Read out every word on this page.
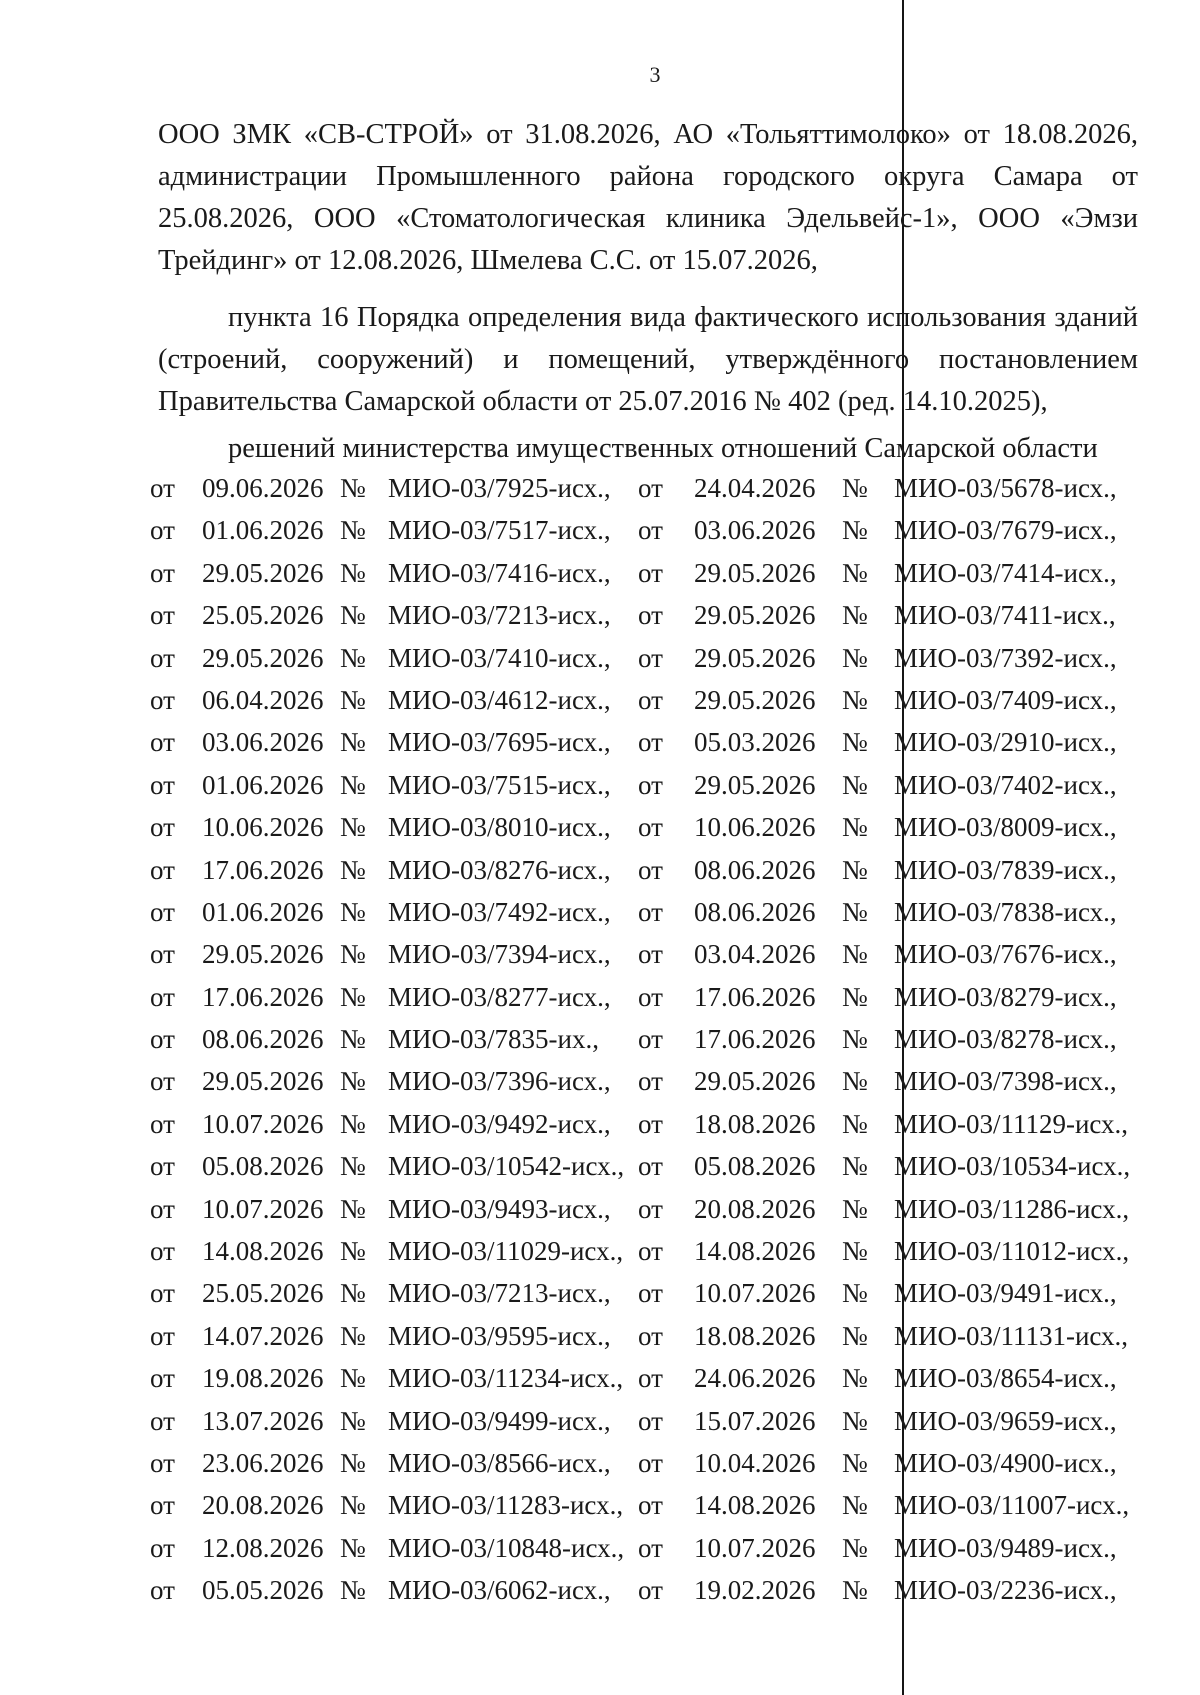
3

ООО ЗМК «СВ-СТРОЙ» от 31.08.2026, АО «Тольяттимолоко» от 18.08.2026, администрации Промышленного района городского округа Самара от 25.08.2026, ООО «Стоматологическая клиника Эдельвейс-1», ООО «Эмзи Трейдинг» от 12.08.2026, Шмелева С.С. от 15.07.2026,

пункта 16 Порядка определения вида фактического использования зданий (строений, сооружений) и помещений, утверждённого постановлением Правительства Самарской области от 25.07.2016 № 402 (ред. 14.10.2025),

решений министерства имущественных отношений Самарской области

от	09.06.2026 № МИО-03/7925-исх.,	от	24.04.2026 № МИО-03/5678-исх.,
от	01.06.2026 № МИО-03/7517-исх.,	от	03.06.2026 № МИО-03/7679-исх.,
от	29.05.2026 № МИО-03/7416-исх.,	от	29.05.2026 № МИО-03/7414-исх.,
от	25.05.2026 № МИО-03/7213-исх.,	от	29.05.2026 № МИО-03/7411-исх.,
от	29.05.2026 № МИО-03/7410-исх.,	от	29.05.2026 № МИО-03/7392-исх.,
от	06.04.2026 № МИО-03/4612-исх.,	от	29.05.2026 № МИО-03/7409-исх.,
от	03.06.2026 № МИО-03/7695-исх.,	от	05.03.2026 № МИО-03/2910-исх.,
от	01.06.2026 № МИО-03/7515-исх.,	от	29.05.2026 № МИО-03/7402-исх.,
от	10.06.2026 № МИО-03/8010-исх.,	от	10.06.2026 № МИО-03/8009-исх.,
от	17.06.2026 № МИО-03/8276-исх.,	от	08.06.2026 № МИО-03/7839-исх.,
от	01.06.2026 № МИО-03/7492-исх.,	от	08.06.2026 № МИО-03/7838-исх.,
от	29.05.2026 № МИО-03/7394-исх.,	от	03.04.2026 № МИО-03/7676-исх.,
от	17.06.2026 № МИО-03/8277-исх.,	от	17.06.2026 № МИО-03/8279-исх.,
от	08.06.2026 № МИО-03/7835-их.,	от	17.06.2026 № МИО-03/8278-исх.,
от	29.05.2026 № МИО-03/7396-исх.,	от	29.05.2026 № МИО-03/7398-исх.,
от	10.07.2026 № МИО-03/9492-исх.,	от	18.08.2026 № МИО-03/11129-исх.,
от	05.08.2026 № МИО-03/10542-исх., от	05.08.2026 № МИО-03/10534-исх.,
от	10.07.2026 № МИО-03/9493-исх.,	от	20.08.2026 № МИО-03/11286-исх.,
от	14.08.2026 № МИО-03/11029-исх., от	14.08.2026 № МИО-03/11012-исх.,
от	25.05.2026 № МИО-03/7213-исх.,	от	10.07.2026 № МИО-03/9491-исх.,
от	14.07.2026 № МИО-03/9595-исх.,	от	18.08.2026 № МИО-03/11131-исх.,
от	19.08.2026 № МИО-03/11234-исх., от	24.06.2026 № МИО-03/8654-исх.,
от	13.07.2026 № МИО-03/9499-исх.,	от	15.07.2026 № МИО-03/9659-исх.,
от	23.06.2026 № МИО-03/8566-исх.,	от	10.04.2026 № МИО-03/4900-исх.,
от	20.08.2026 № МИО-03/11283-исх., от	14.08.2026 № МИО-03/11007-исх.,
от	12.08.2026 № МИО-03/10848-исх., от	10.07.2026 № МИО-03/9489-исх.,
от	05.05.2026 № МИО-03/6062-исх.,	от	19.02.2026 № МИО-03/2236-исх.,
